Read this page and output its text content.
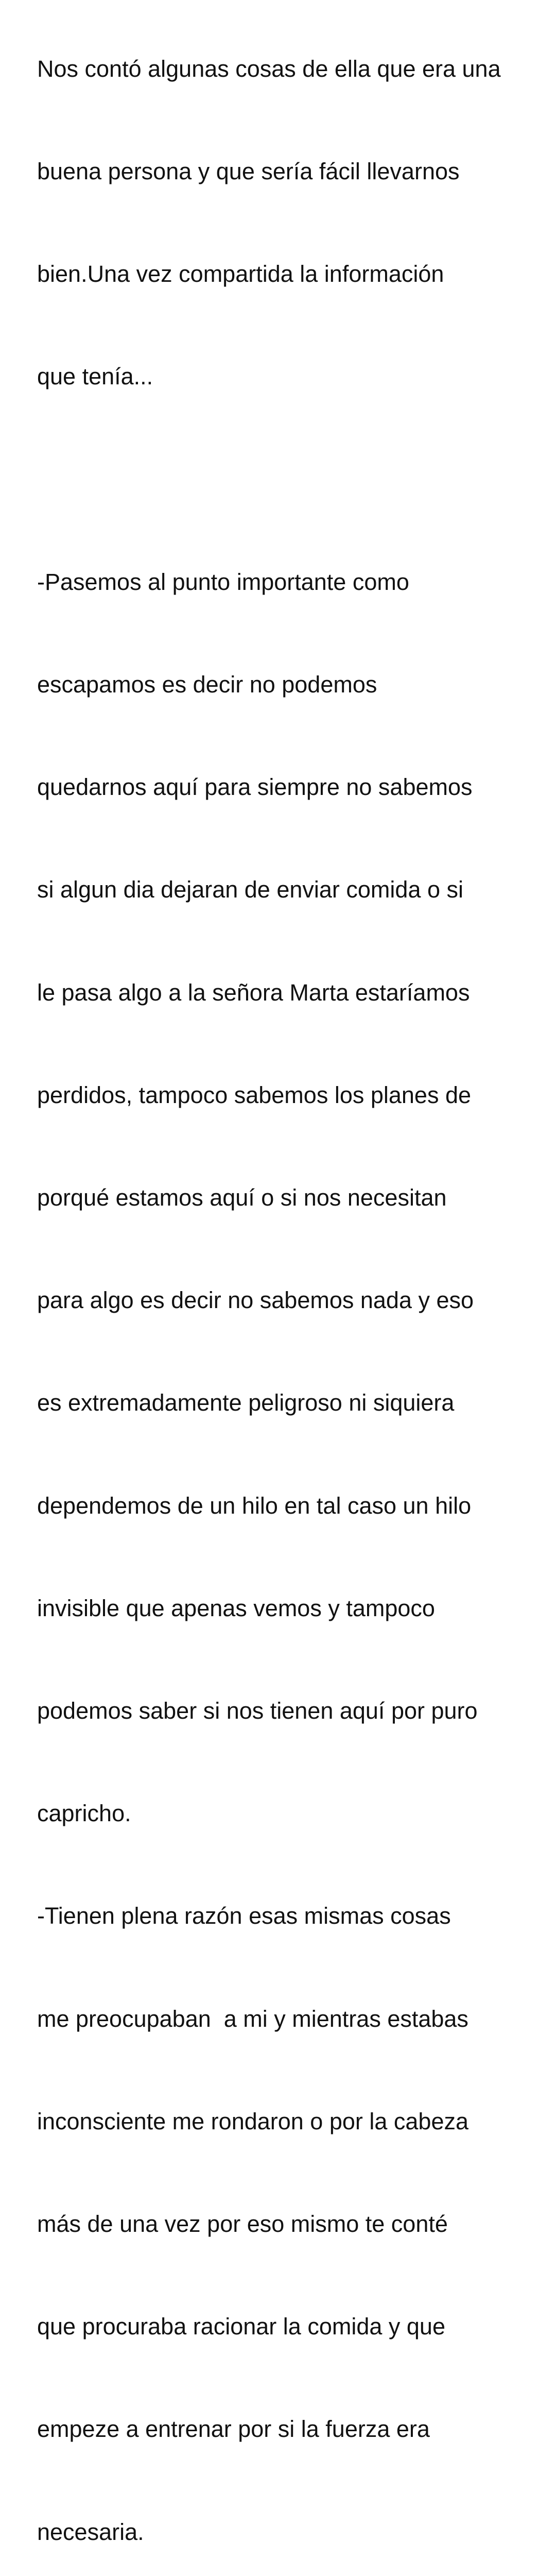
Nos contó algunas cosas de ella que era una

buena persona y que sería fácil llevarnos

bien.Una vez compartida la información

que tenía...

-Pasemos al punto importante como

escapamos es decir no podemos

quedarnos aquí para siempre no sabemos

si algun dia dejaran de enviar comida o si

le pasa algo a la señora Marta estaríamos

perdidos, tampoco sabemos los planes de

porqué estamos aquí o si nos necesitan

para algo es decir no sabemos nada y eso

es extremadamente peligroso ni siquiera

dependemos de un hilo en tal caso un hilo

invisible que apenas vemos y tampoco

podemos saber si nos tienen aquí por puro

capricho.

-Tienen plena razón esas mismas cosas

me preocupaban  a mi y mientras estabas

inconsciente me rondaron o por la cabeza

más de una vez por eso mismo te conté

que procuraba racionar la comida y que

empeze a entrenar por si la fuerza era

necesaria.
